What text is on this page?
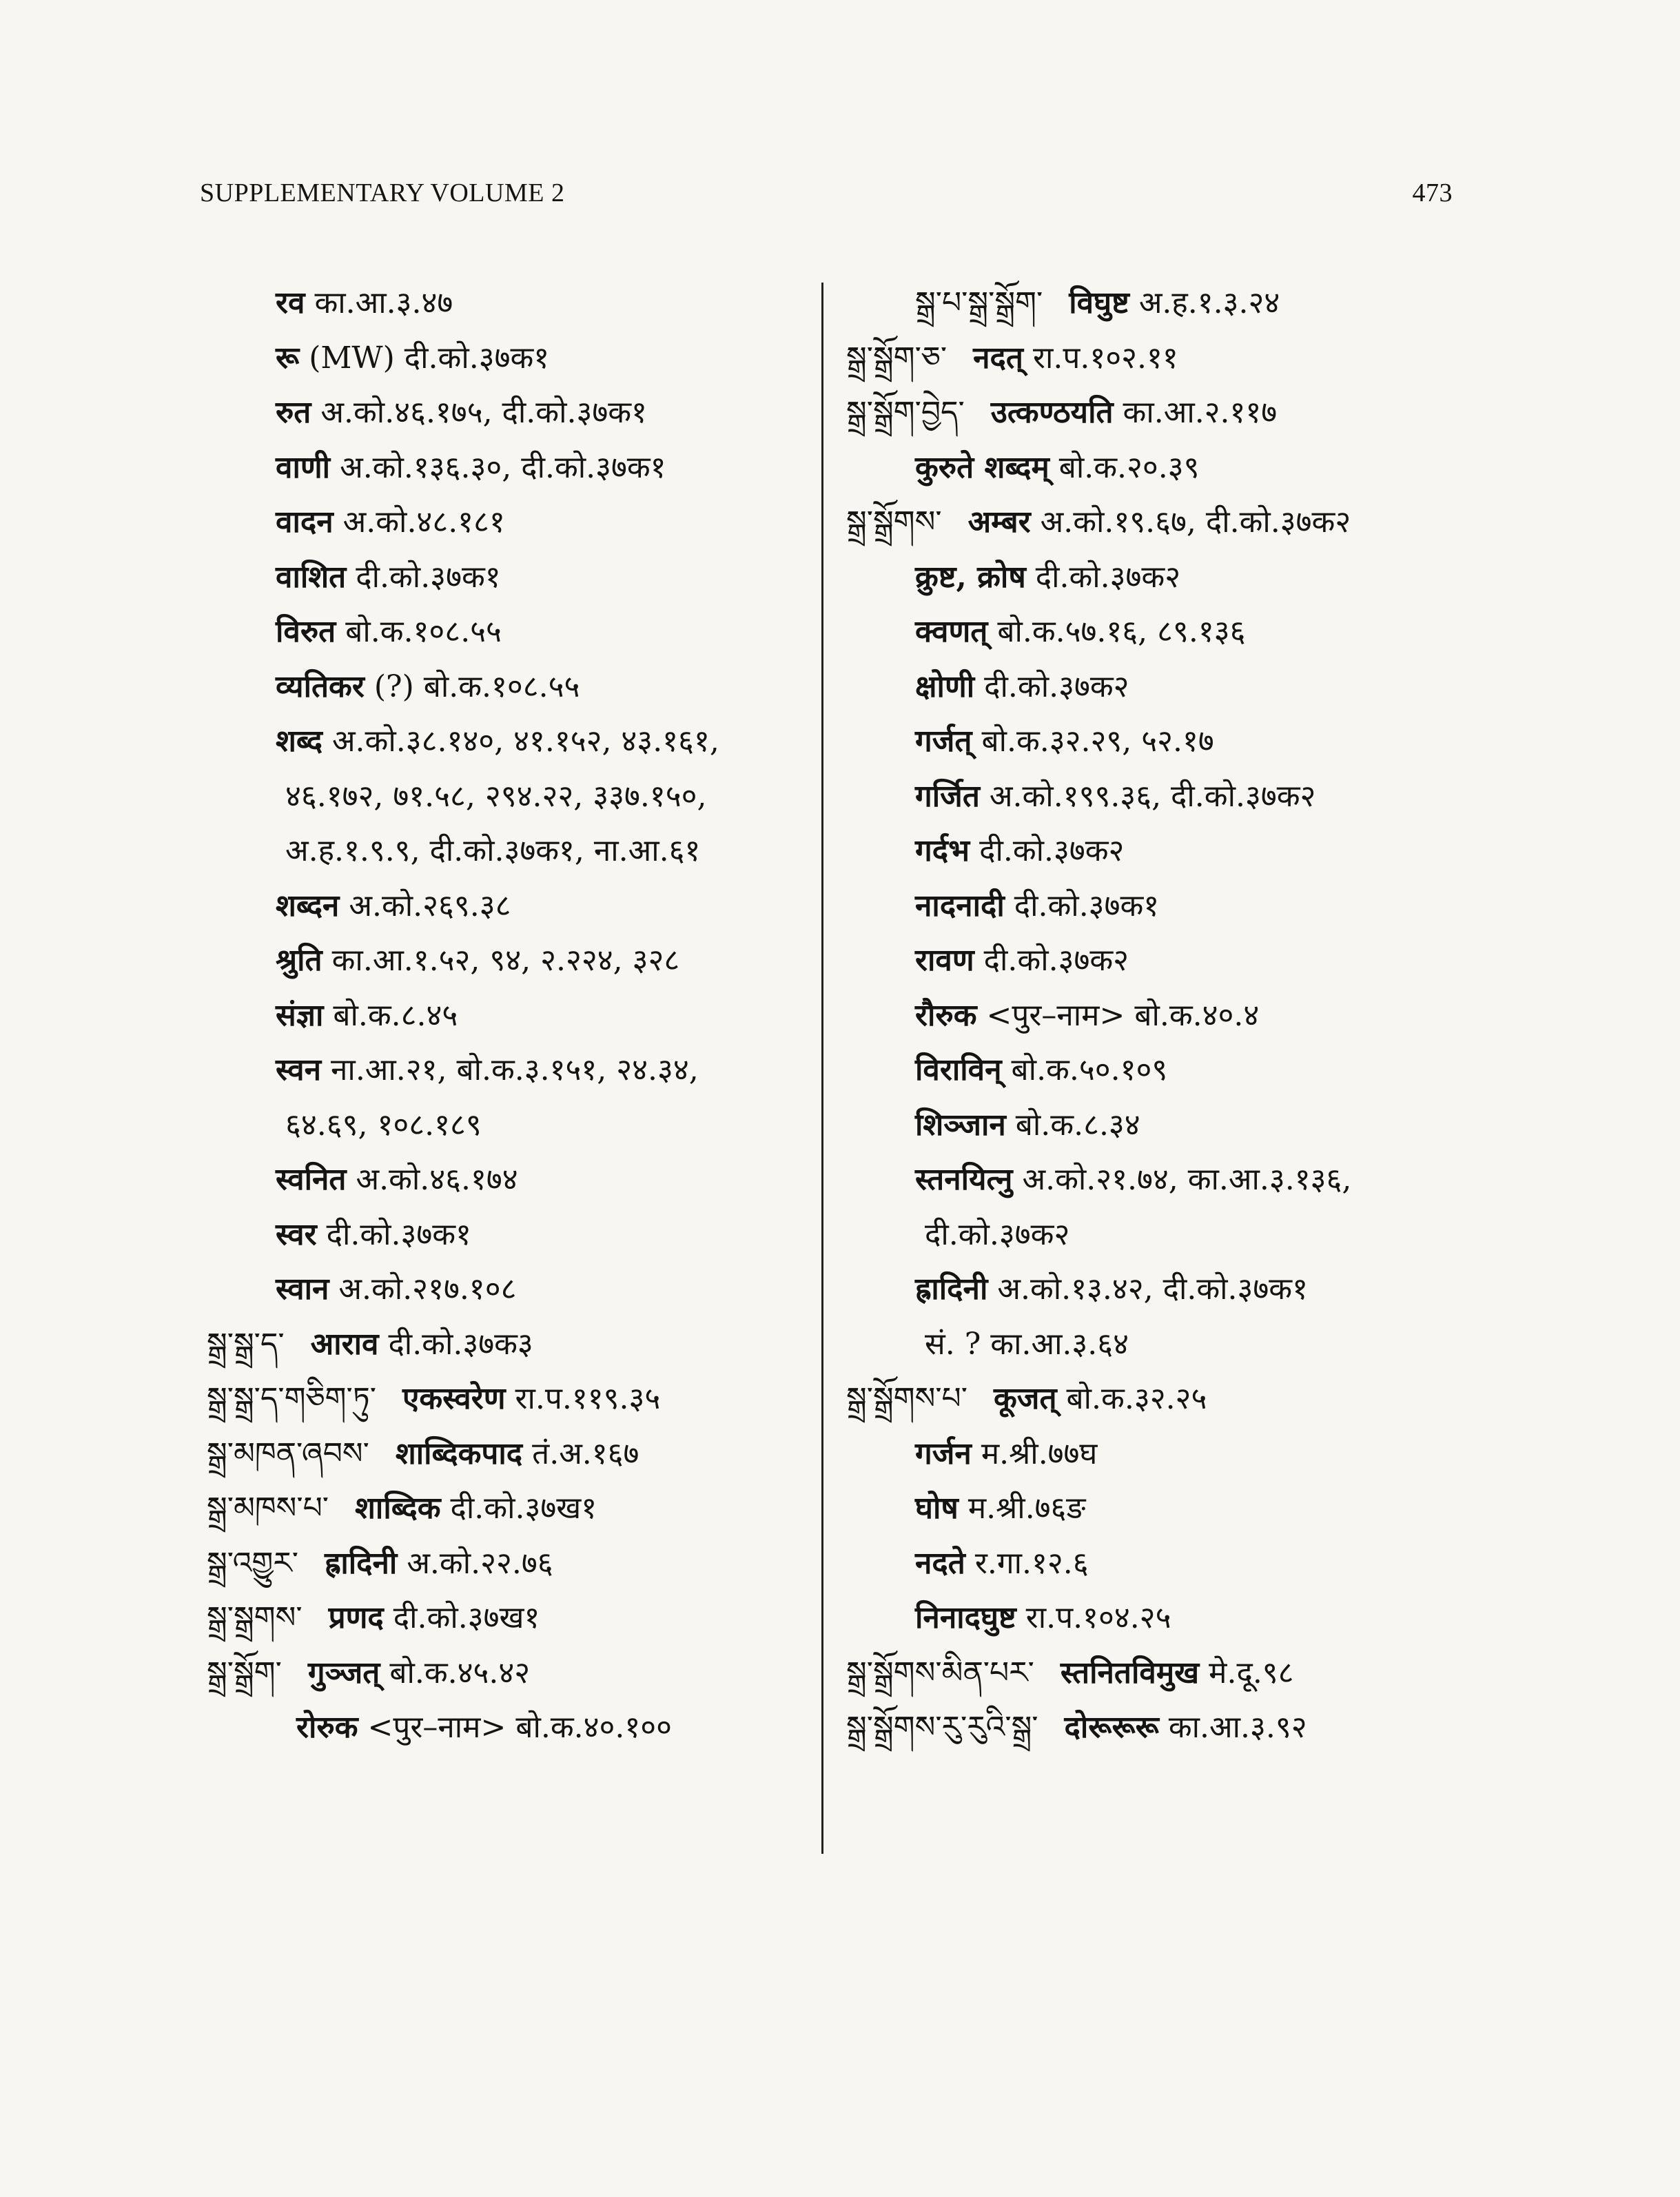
SUPPLEMENTARY VOLUME 2	473
रव का.आ.३.४७
रू (MW) दी.को.३७क१
रुत अ.को.४६.१७५, दी.को.३७क१
वाणी अ.को.१३६.३०, दी.को.३७क१
वादन अ.को.४८.१८१
वाशित दी.को.३७क१
विरुत बो.क.१०८.५५
व्यतिकर (?) बो.क.१०८.५५
शब्द अ.को.३८.१४०, ४१.१५२, ४३.१६१,
४६.१७२, ७१.५८, २९४.२२, ३३७.१५०,
अ.ह.१.९.९, दी.को.३७क१, ना.आ.६१
शब्दन अ.को.२६९.३८
श्रुति का.आ.१.५२, ९४, २.२२४, ३२८
संज्ञा बो.क.८.४५
स्वन ना.आ.२१, बो.क.३.१५१, २४.३४,
६४.६९, १०८.१८९
स्वनित अ.को.४६.१७४
स्वर दी.को.३७क१
स्वान अ.को.२१७.१०८
སྒྲ་སྒྲ་ད་ आराव दी.को.३७क३
སྒྲ་སྒྲ་ད་གཅིག་ཏུ་ एकस्वरेण रा.प.११९.३५
སྒྲ་མཁན་ཞབས་ शाब्दिकपाद तं.अ.१६७
སྒྲ་མཁས་པ་ शाब्दिक दी.को.३७ख१
སྒྲ་འགྱུར་ ह्रादिनी अ.को.२२.७६
སྒྲ་སྒྲགས་ प्रणद दी.को.३७ख१
སྒྲ་སྒྲོག་ गुञ्जत् बो.क.४५.४२
रोरुक <पुर–नाम> बो.क.४०.१००
སྒྲ་པ་སྒྲ་སྒྲོག་ विघुष्ट अ.ह.१.३.२४
སྒྲ་སྒྲོག་ཅ་ नदत् रा.प.१०२.११
སྒྲ་སྒྲོག་བྱེད་ उत्कण्ठयति का.आ.२.११७
कुरुते शब्दम् बो.क.२०.३९
སྒྲ་སྒྲོགས་ अम्बर अ.को.१९.६७, दी.को.३७क२
क्रुष्ट, क्रोष दी.को.३७क२
क्वणत् बो.क.५७.१६, ८९.१३६
क्षोणी दी.को.३७क२
गर्जत् बो.क.३२.२९, ५२.१७
गर्जित अ.को.१९९.३६, दी.को.३७क२
गर्दभ दी.को.३७क२
नादनादी दी.को.३७क१
रावण दी.को.३७क२
रौरुक <पुर–नाम> बो.क.४०.४
विराविन् बो.क.५०.१०९
शिञ्जान बो.क.८.३४
स्तनयित्नु अ.को.२१.७४, का.आ.३.१३६,
दी.को.३७क२
ह्रादिनी अ.को.१३.४२, दी.को.३७क१
सं. ? का.आ.३.६४
སྒྲ་སྒྲོགས་པ་ कूजत् बो.क.३२.२५
गर्जन म.श्री.७७घ
घोष म.श्री.७६ङ
नदते र.गा.१२.६
निनादघुष्ट रा.प.१०४.२५
སྒྲ་སྒྲོགས་མིན་པར་ स्तनितविमुख मे.दू.९८
སྒྲ་སྒྲོགས་རུ་རུའི་སྒྲ་ दोरूरूरू का.आ.३.९२
